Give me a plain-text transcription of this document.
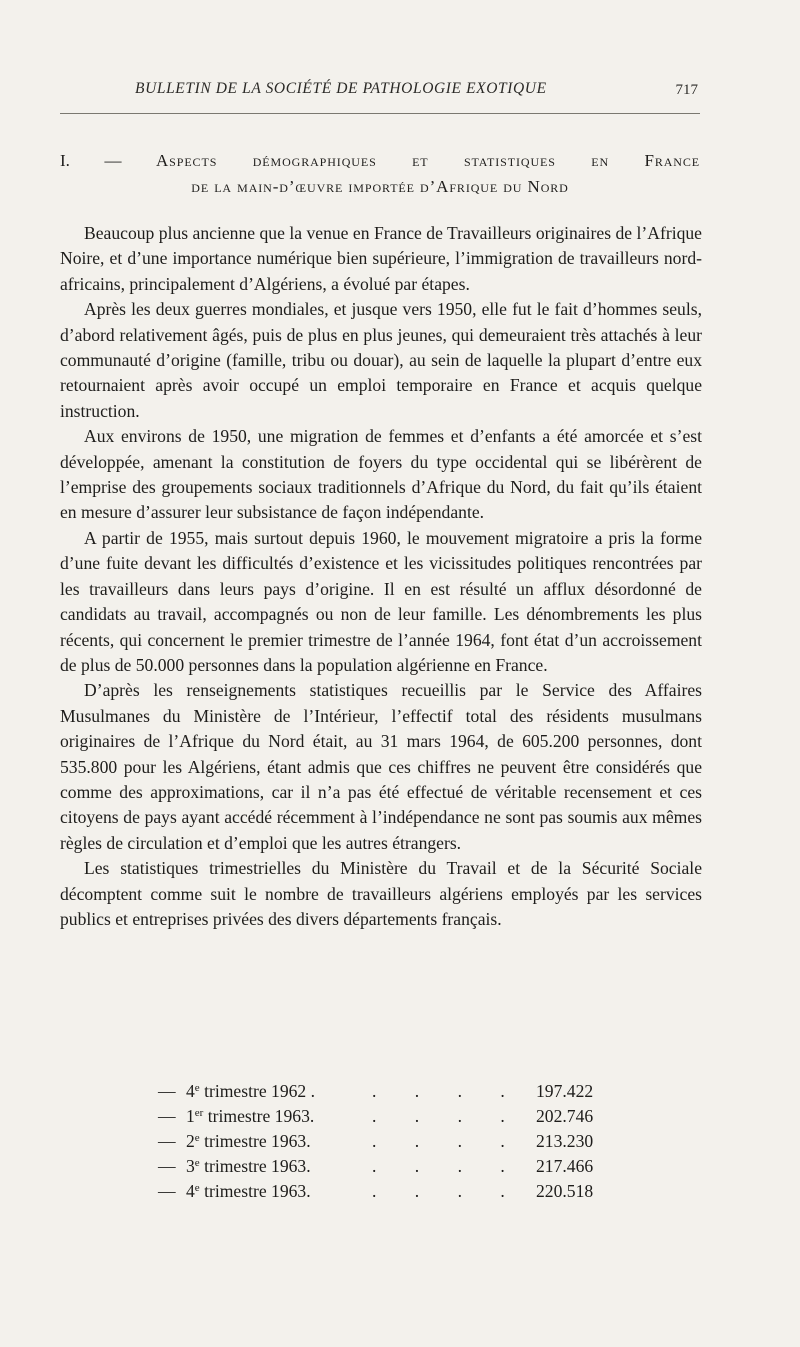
BULLETIN DE LA SOCIÉTÉ DE PATHOLOGIE EXOTIQUE	717
I. — Aspects démographiques et statistiques en France
de la main-d’œuvre importée d’Afrique du Nord

Beaucoup plus ancienne que la venue en France de Travailleurs originaires de l’Afrique Noire, et d’une importance numérique bien supérieure, l’immigration de travailleurs nord-africains, principalement d’Algériens, a évolué par étapes.

Après les deux guerres mondiales, et jusque vers 1950, elle fut le fait d’hommes seuls, d’abord relativement âgés, puis de plus en plus jeunes, qui demeuraient très attachés à leur communauté d’origine (famille, tribu ou douar), au sein de laquelle la plupart d’entre eux retournaient après avoir occupé un emploi temporaire en France et acquis quelque instruction.

Aux environs de 1950, une migration de femmes et d’enfants a été amorcée et s’est développée, amenant la constitution de foyers du type occidental qui se libérèrent de l’emprise des groupements sociaux traditionnels d’Afrique du Nord, du fait qu’ils étaient en mesure d’assurer leur subsistance de façon indépendante.

A partir de 1955, mais surtout depuis 1960, le mouvement migratoire a pris la forme d’une fuite devant les difficultés d’existence et les vicissitudes politiques rencontrées par les travailleurs dans leurs pays d’origine. Il en est résulté un afflux désordonné de candidats au travail, accompagnés ou non de leur famille. Les dénombrements les plus récents, qui concernent le premier trimestre de l’année 1964, font état d’un accroissement de plus de 50.000 personnes dans la population algérienne en France.

D’après les renseignements statistiques recueillis par le Service des Affaires Musulmanes du Ministère de l’Intérieur, l’effectif total des résidents musulmans originaires de l’Afrique du Nord était, au 31 mars 1964, de 605.200 personnes, dont 535.800 pour les Algériens, étant admis que ces chiffres ne peuvent être considérés que comme des approximations, car il n’a pas été effectué de véritable recensement et ces citoyens de pays ayant accédé récemment à l’indépendance ne sont pas soumis aux mêmes règles de circulation et d’emploi que les autres étrangers.

Les statistiques trimestrielles du Ministère du Travail et de la Sécurité Sociale décomptent comme suit le nombre de travailleurs algériens employés par les services publics et entreprises privées des divers départements français.

— 4e trimestre 1962 .	. . . . 197.422
— 1er trimestre 1963.	. . . . 202.746
— 2e trimestre 1963.	. . . . 213.230
— 3e trimestre 1963.	. . . . 217.466
— 4e trimestre 1963.	. . . . 220.518
